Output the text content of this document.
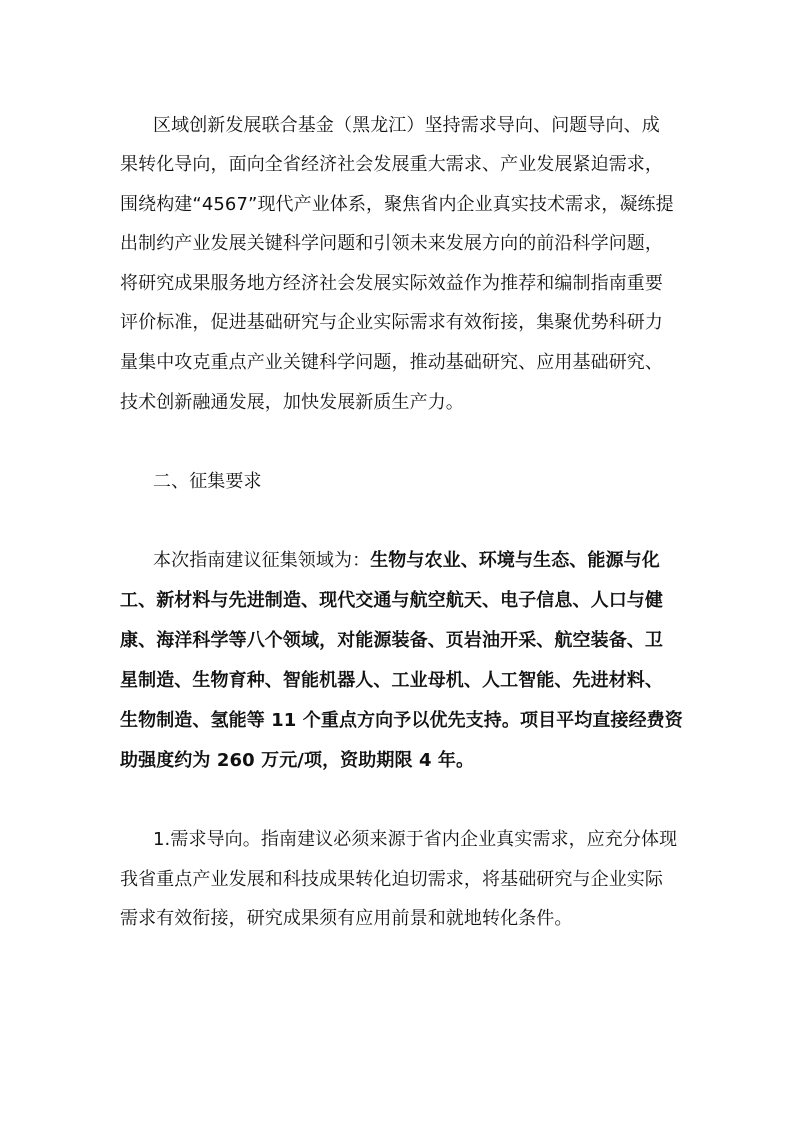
区域创新发展联合基金（黑龙江）坚持需求导向、问题导向、成
果转化导向，面向全省经济社会发展重大需求、产业发展紧迫需求，
围绕构建“4567”现代产业体系，聚焦省内企业真实技术需求，凝练提
出制约产业发展关键科学问题和引领未来发展方向的前沿科学问题，
将研究成果服务地方经济社会发展实际效益作为推荐和编制指南重要
评价标准，促进基础研究与企业实际需求有效衔接，集聚优势科研力
量集中攻克重点产业关键科学问题，推动基础研究、应用基础研究、
技术创新融通发展，加快发展新质生产力。
二、征集要求
本次指南建议征集领域为：生物与农业、环境与生态、能源与化
工、新材料与先进制造、现代交通与航空航天、电子信息、人口与健
康、海洋科学等八个领域，对能源装备、页岩油开采、航空装备、卫
星制造、生物育种、智能机器人、工业母机、人工智能、先进材料、
生物制造、氢能等 11 个重点方向予以优先支持。项目平均直接经费资
助强度约为 260 万元/项，资助期限 4 年。
1.需求导向。指南建议必须来源于省内企业真实需求，应充分体现
我省重点产业发展和科技成果转化迫切需求，将基础研究与企业实际
需求有效衔接，研究成果须有应用前景和就地转化条件。
